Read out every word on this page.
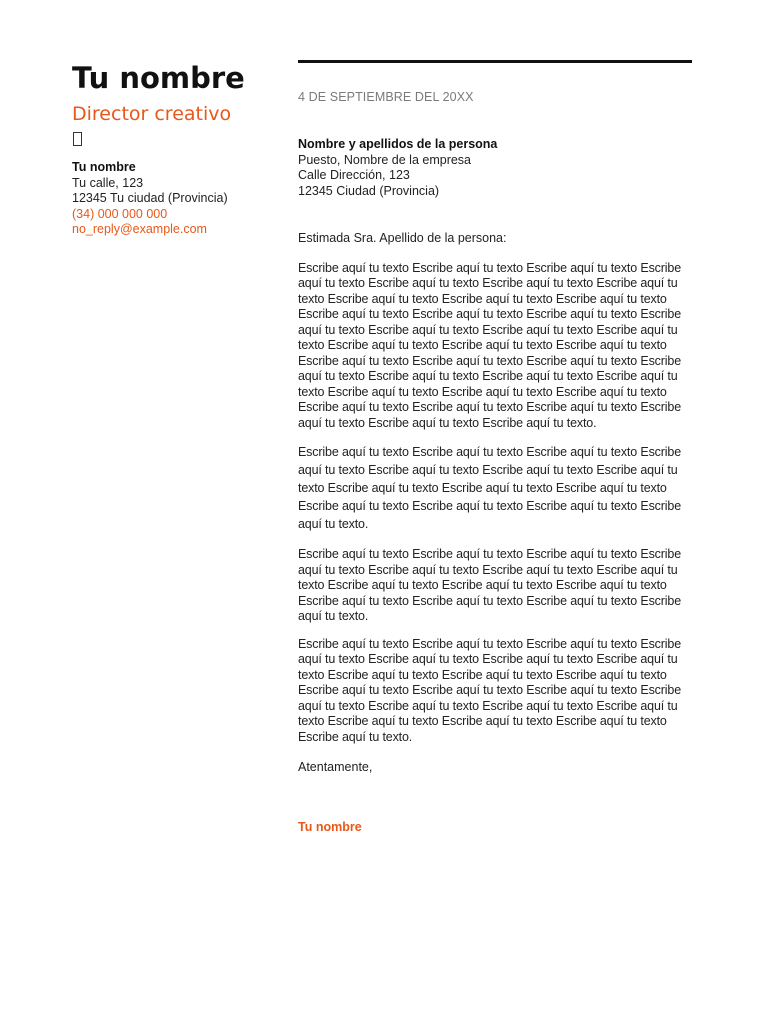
Tu nombre
Director creativo
Tu nombre
Tu calle, 123
12345 Tu ciudad (Provincia)
(34) 000 000 000
no_reply@example.com
4 DE SEPTIEMBRE DEL 20XX
Nombre y apellidos de la persona
Puesto, Nombre de la empresa
Calle Dirección, 123
12345 Ciudad (Provincia)
Estimada Sra. Apellido de la persona:

Escribe aquí tu texto Escribe aquí tu texto Escribe aquí tu texto Escribe aquí tu texto Escribe aquí tu texto Escribe aquí tu texto Escribe aquí tu texto Escribe aquí tu texto Escribe aquí tu texto Escribe aquí tu texto Escribe aquí tu texto Escribe aquí tu texto Escribe aquí tu texto Escribe aquí tu texto Escribe aquí tu texto Escribe aquí tu texto Escribe aquí tu texto Escribe aquí tu texto Escribe aquí tu texto Escribe aquí tu texto Escribe aquí tu texto Escribe aquí tu texto Escribe aquí tu texto Escribe aquí tu texto Escribe aquí tu texto Escribe aquí tu texto Escribe aquí tu texto Escribe aquí tu texto Escribe aquí tu texto Escribe aquí tu texto Escribe aquí tu texto Escribe aquí tu texto Escribe aquí tu texto Escribe aquí tu texto Escribe aquí tu texto Escribe aquí tu texto.

Escribe aquí tu texto Escribe aquí tu texto Escribe aquí tu texto Escribe aquí tu texto Escribe aquí tu texto Escribe aquí tu texto Escribe aquí tu texto Escribe aquí tu texto Escribe aquí tu texto Escribe aquí tu texto Escribe aquí tu texto Escribe aquí tu texto Escribe aquí tu texto Escribe aquí tu texto.

Escribe aquí tu texto Escribe aquí tu texto Escribe aquí tu texto Escribe aquí tu texto Escribe aquí tu texto Escribe aquí tu texto Escribe aquí tu texto Escribe aquí tu texto Escribe aquí tu texto Escribe aquí tu texto Escribe aquí tu texto Escribe aquí tu texto Escribe aquí tu texto Escribe aquí tu texto.

Escribe aquí tu texto Escribe aquí tu texto Escribe aquí tu texto Escribe aquí tu texto Escribe aquí tu texto Escribe aquí tu texto Escribe aquí tu texto Escribe aquí tu texto Escribe aquí tu texto Escribe aquí tu texto Escribe aquí tu texto Escribe aquí tu texto Escribe aquí tu texto Escribe aquí tu texto Escribe aquí tu texto Escribe aquí tu texto Escribe aquí tu texto Escribe aquí tu texto Escribe aquí tu texto Escribe aquí tu texto Escribe aquí tu texto.

Atentamente,
Tu nombre
